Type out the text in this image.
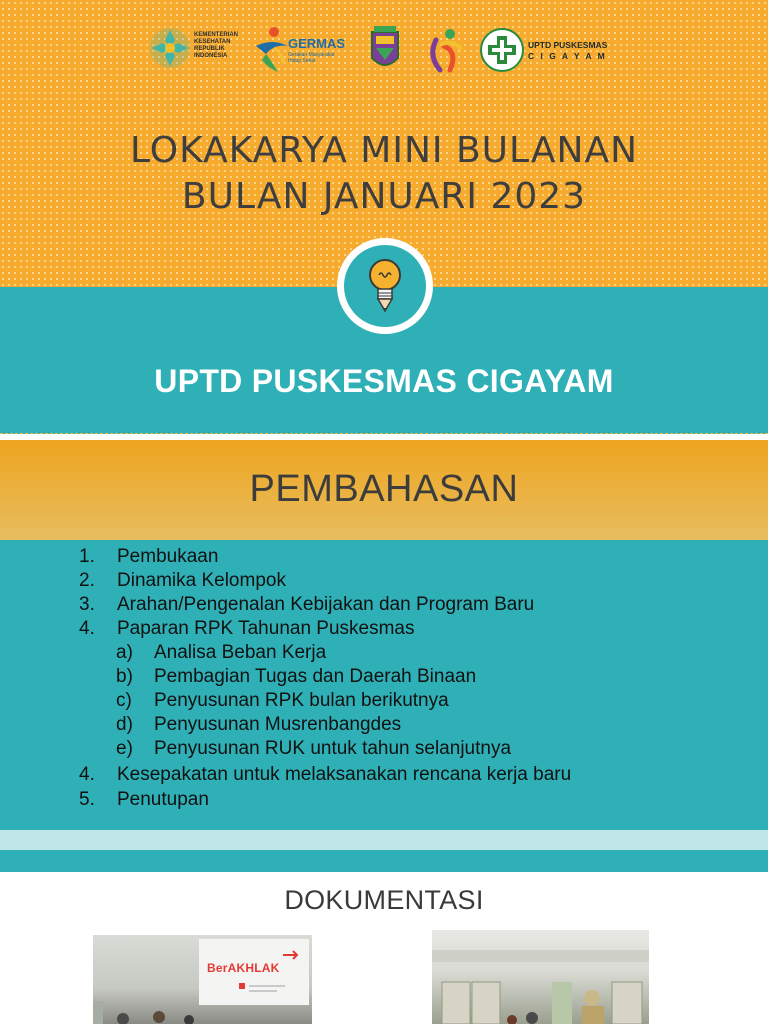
KEMENTERIAN KESEHATAN REPUBLIK INDONESIA
GERMAS
Gerakan Masyarakat Hidup Sehat
UPTD PUSKESMAS
C I G A Y A M
LOKAKARYA MINI BULANAN
BULAN JANUARI 2023
UPTD PUSKESMAS CIGAYAM
PEMBAHASAN
1. Pembukaan
2. Dinamika Kelompok
3. Arahan/Pengenalan Kebijakan dan Program Baru
4. Paparan RPK Tahunan Puskesmas
a) Analisa Beban Kerja
b) Pembagian Tugas dan Daerah Binaan
c) Penyusunan RPK bulan berikutnya
d) Penyusunan Musrenbangdes
e) Penyusunan RUK untuk tahun selanjutnya
4. Kesepakatan untuk melaksanakan rencana kerja baru
5. Penutupan
DOKUMENTASI
BerAKHLAK
